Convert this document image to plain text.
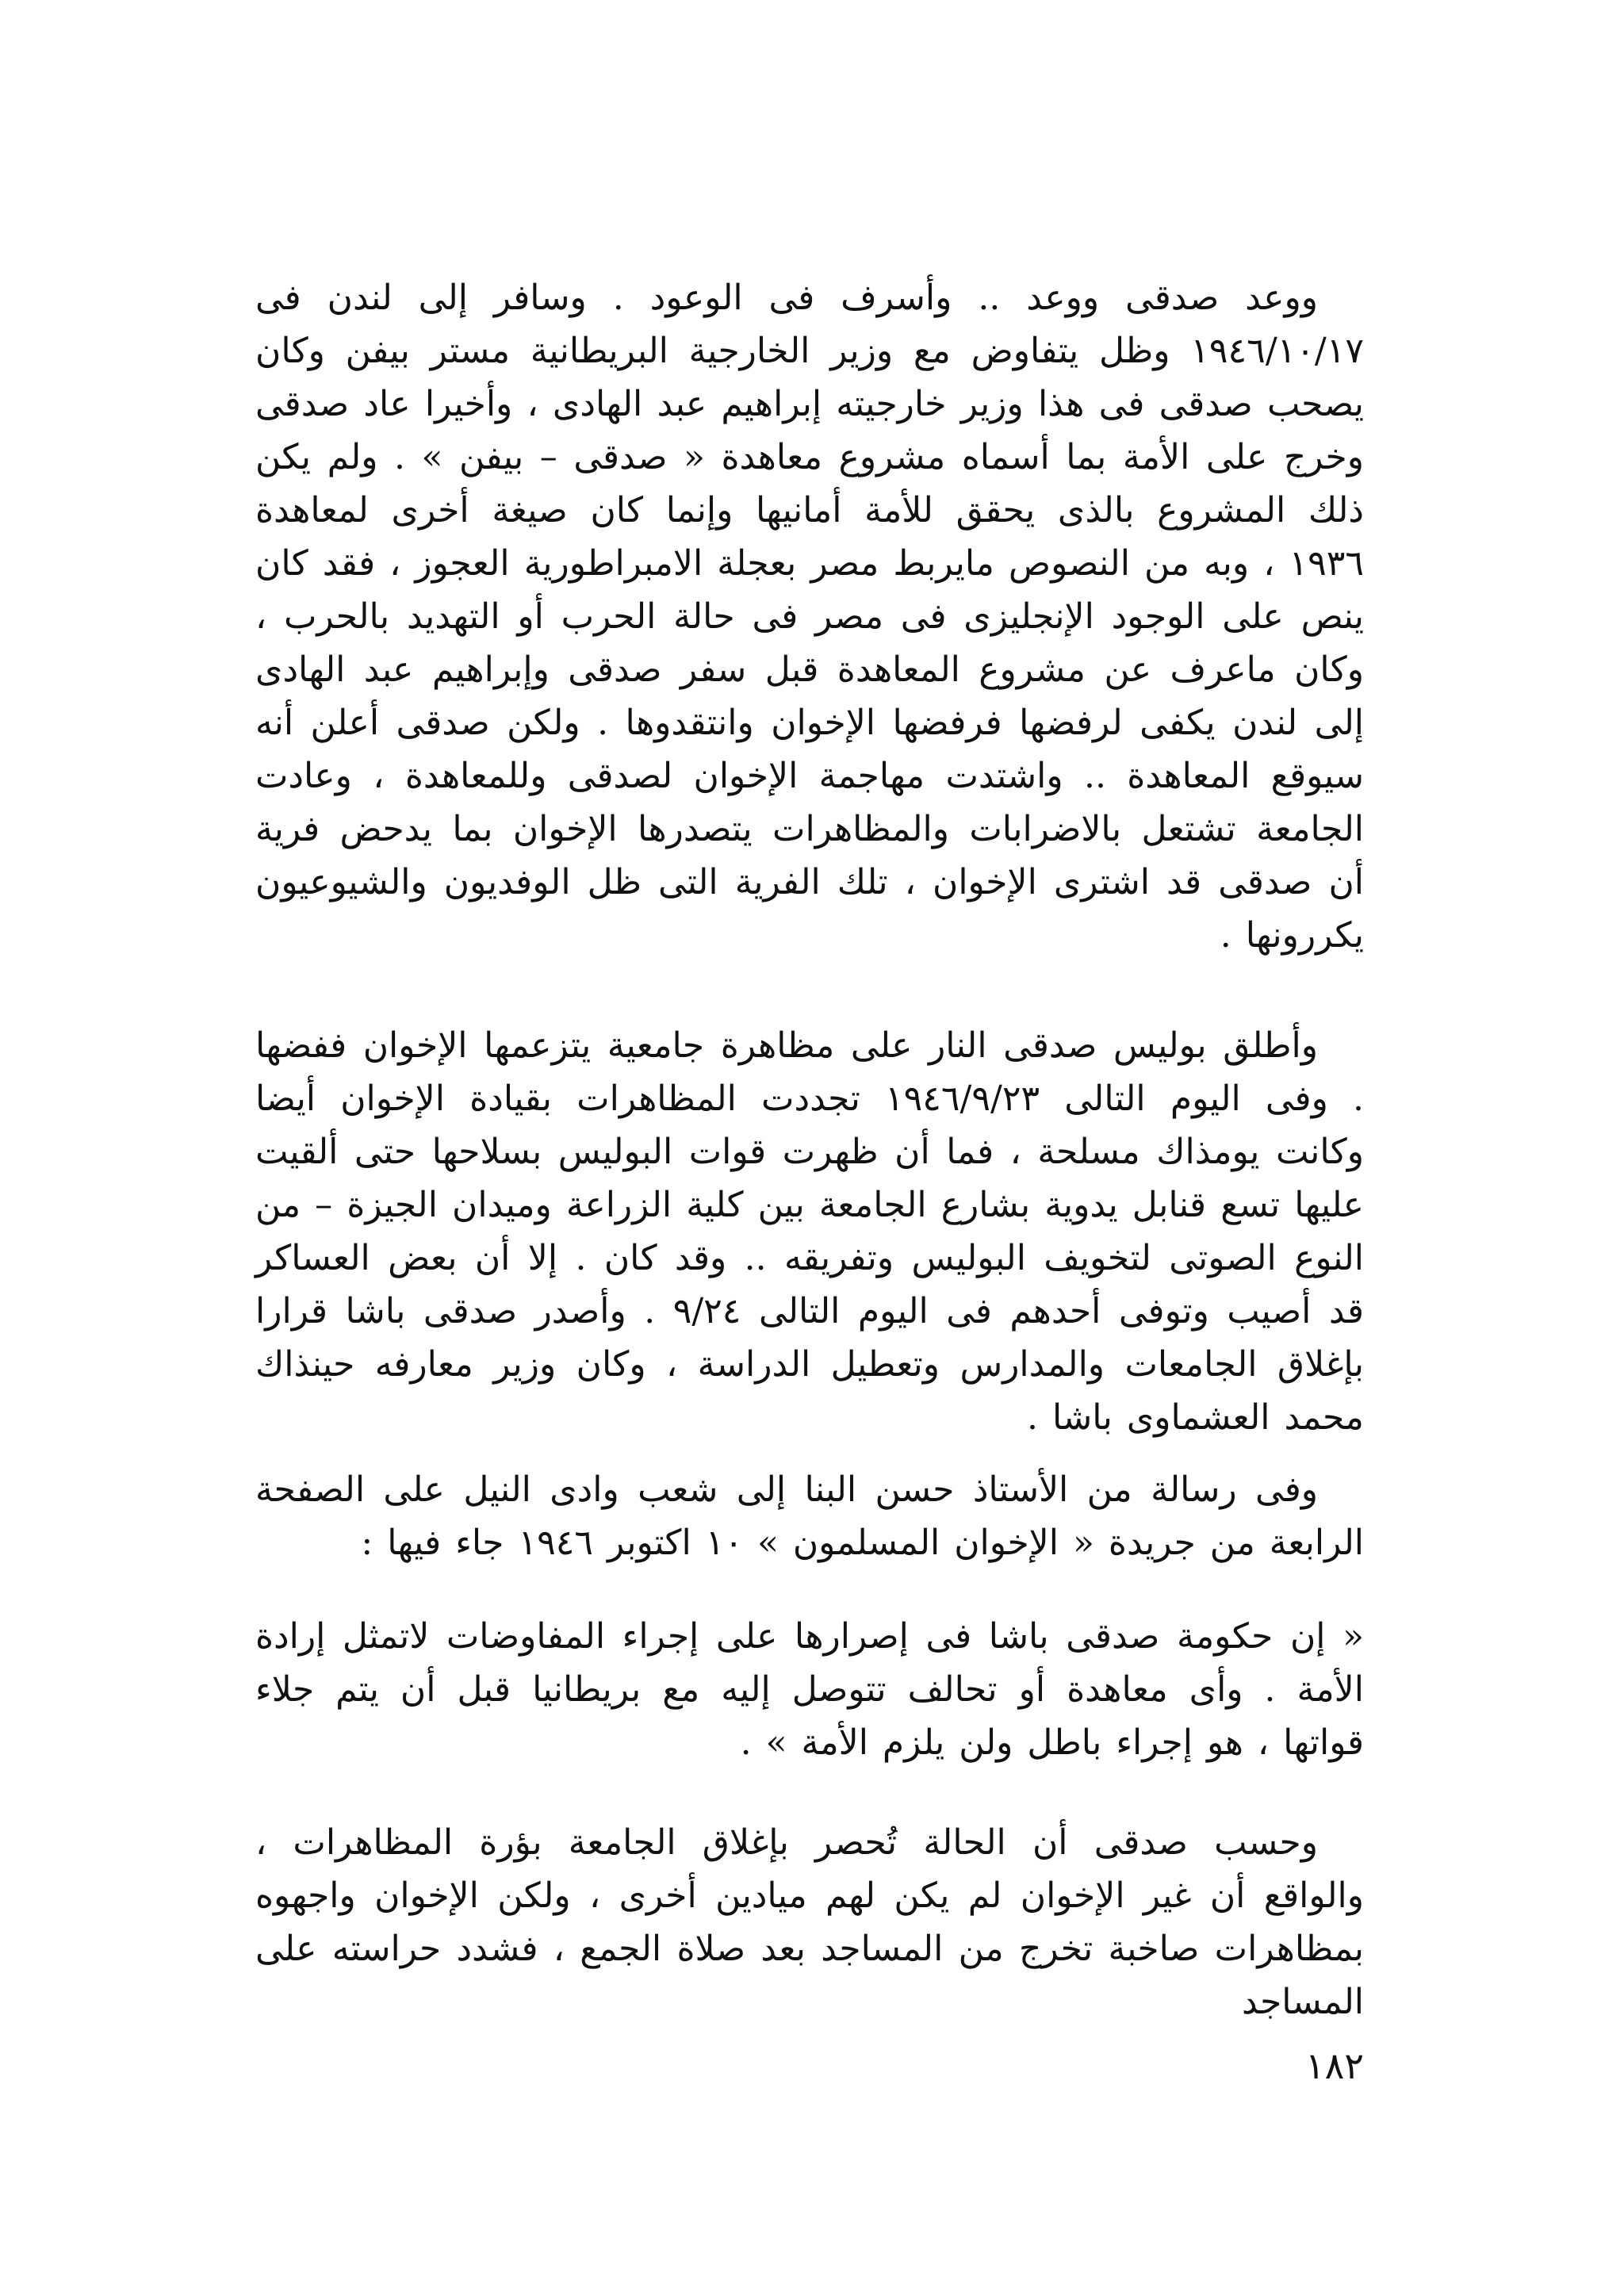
ووعد صدقى ووعد .. وأسرف فى الوعود . وسافر إلى لندن فى ١٩٤٦/١٠/١٧ وظل يتفاوض مع وزير الخارجية البريطانية مستر بيفن وكان يصحب صدقى فى هذا وزير خارجيته إبراهيم عبد الهادى ، وأخيرا عاد صدقى وخرج على الأمة بما أسماه مشروع معاهدة « صدقى – بيفن » . ولم يكن ذلك المشروع بالذى يحقق للأمة أمانيها وإنما كان صيغة أخرى لمعاهدة ١٩٣٦ ، وبه من النصوص مايربط مصر بعجلة الامبراطورية العجوز ، فقد كان ينص على الوجود الإنجليزى فى مصر فى حالة الحرب أو التهديد بالحرب ، وكان ماعرف عن مشروع المعاهدة قبل سفر صدقى وإبراهيم عبد الهادى إلى لندن يكفى لرفضها فرفضها الإخوان وانتقدوها . ولكن صدقى أعلن أنه سيوقع المعاهدة .. واشتدت مهاجمة الإخوان لصدقى وللمعاهدة ، وعادت الجامعة تشتعل بالاضرابات والمظاهرات يتصدرها الإخوان بما يدحض فرية أن صدقى قد اشترى الإخوان ، تلك الفرية التى ظل الوفديون والشيوعيون يكررونها .

وأطلق بوليس صدقى النار على مظاهرة جامعية يتزعمها الإخوان ففضها . وفى اليوم التالى ١٩٤٦/٩/٢٣ تجددت المظاهرات بقيادة الإخوان أيضا وكانت يومذاك مسلحة ، فما أن ظهرت قوات البوليس بسلاحها حتى ألقيت عليها تسع قنابل يدوية بشارع الجامعة بين كلية الزراعة وميدان الجيزة – من النوع الصوتى لتخويف البوليس وتفريقه .. وقد كان . إلا أن بعض العساكر قد أصيب وتوفى أحدهم فى اليوم التالى ٩/٢٤ . وأصدر صدقى باشا قرارا بإغلاق الجامعات والمدارس وتعطيل الدراسة ، وكان وزير معارفه حينذاك محمد العشماوى باشا .

وفى رسالة من الأستاذ حسن البنا إلى شعب وادى النيل على الصفحة الرابعة من جريدة « الإخوان المسلمون » ١٠ اكتوبر ١٩٤٦ جاء فيها :

« إن حكومة صدقى باشا فى إصرارها على إجراء المفاوضات لاتمثل إرادة الأمة . وأى معاهدة أو تحالف تتوصل إليه مع بريطانيا قبل أن يتم جلاء قواتها ، هو إجراء باطل ولن يلزم الأمة » .

وحسب صدقى أن الحالة تُحصر بإغلاق الجامعة بؤرة المظاهرات ، والواقع أن غير الإخوان لم يكن لهم ميادين أخرى ، ولكن الإخوان واجهوه بمظاهرات صاخبة تخرج من المساجد بعد صلاة الجمع ، فشدد حراسته على المساجد

١٨٢
